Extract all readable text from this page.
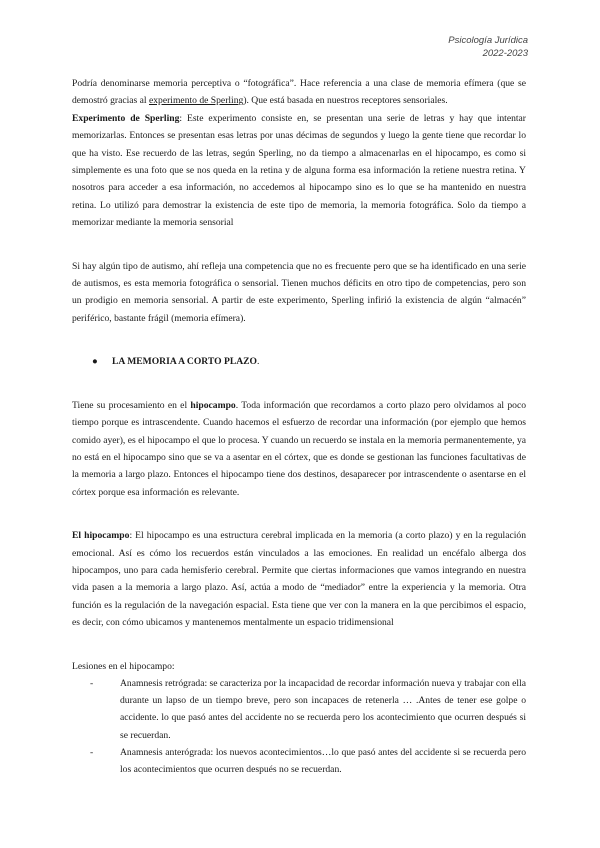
Psicología Jurídica
2022-2023

Podría denominarse memoria perceptiva o “fotográfica”. Hace referencia a una clase de memoria efímera (que se demostró gracias al experimento de Sperling). Que está basada en nuestros receptores sensoriales.

Experimento de Sperling: Este experimento consiste en, se presentan una serie de letras y hay que intentar memorizarlas. Entonces se presentan esas letras por unas décimas de segundos y luego la gente tiene que recordar lo que ha visto. Ese recuerdo de las letras, según Sperling, no da tiempo a almacenarlas en el hipocampo, es como si simplemente es una foto que se nos queda en la retina y de alguna forma esa información la retiene nuestra retina. Y nosotros para acceder a esa información, no accedemos al hipocampo sino es lo que se ha mantenido en nuestra retina. Lo utilizó para demostrar la existencia de este tipo de memoria, la memoria fotográfica. Solo da tiempo a memorizar mediante la memoria sensorial

Si hay algún tipo de autismo, ahí refleja una competencia que no es frecuente pero que se ha identificado en una serie de autismos, es esta memoria fotográfica o sensorial. Tienen muchos déficits en otro tipo de competencias, pero son un prodigio en memoria sensorial. A partir de este experimento, Sperling infirió la existencia de algún “almacén” periférico, bastante frágil (memoria efímera).

●	LA MEMORIA A CORTO PLAZO.

Tiene su procesamiento en el hipocampo. Toda información que recordamos a corto plazo pero olvidamos al poco tiempo porque es intrascendente. Cuando hacemos el esfuerzo de recordar una información (por ejemplo que hemos comido ayer), es el hipocampo el que lo procesa. Y cuando un recuerdo se instala en la memoria permanentemente, ya no está en el hipocampo sino que se va a asentar en el córtex, que es donde se gestionan las funciones facultativas de la memoria a largo plazo. Entonces el hipocampo tiene dos destinos, desaparecer por intrascendente o asentarse en el córtex porque esa información es relevante.

El hipocampo: El hipocampo es una estructura cerebral implicada en la memoria (a corto plazo) y en la regulación emocional. Así es cómo los recuerdos están vinculados a las emociones. En realidad un encéfalo alberga dos hipocampos, uno para cada hemisferio cerebral. Permite que ciertas informaciones que vamos integrando en nuestra vida pasen a la memoria a largo plazo. Así, actúa a modo de “mediador” entre la experiencia y la memoria. Otra función es la regulación de la navegación espacial. Esta tiene que ver con la manera en la que percibimos el espacio, es decir, con cómo ubicamos y mantenemos mentalmente un espacio tridimensional

Lesiones en el hipocampo:

-	Anamnesis retrógrada: se caracteriza por la incapacidad de recordar información nueva y trabajar con ella durante un lapso de un tiempo breve, pero son incapaces de retenerla … .Antes de tener ese golpe o accidente. lo que pasó antes del accidente no se recuerda pero los acontecimiento que ocurren después si se recuerdan.
-	Anamnesis anterógrada: los nuevos acontecimientos…lo que pasó antes del accidente si se recuerda pero los acontecimientos que ocurren después no se recuerdan.
